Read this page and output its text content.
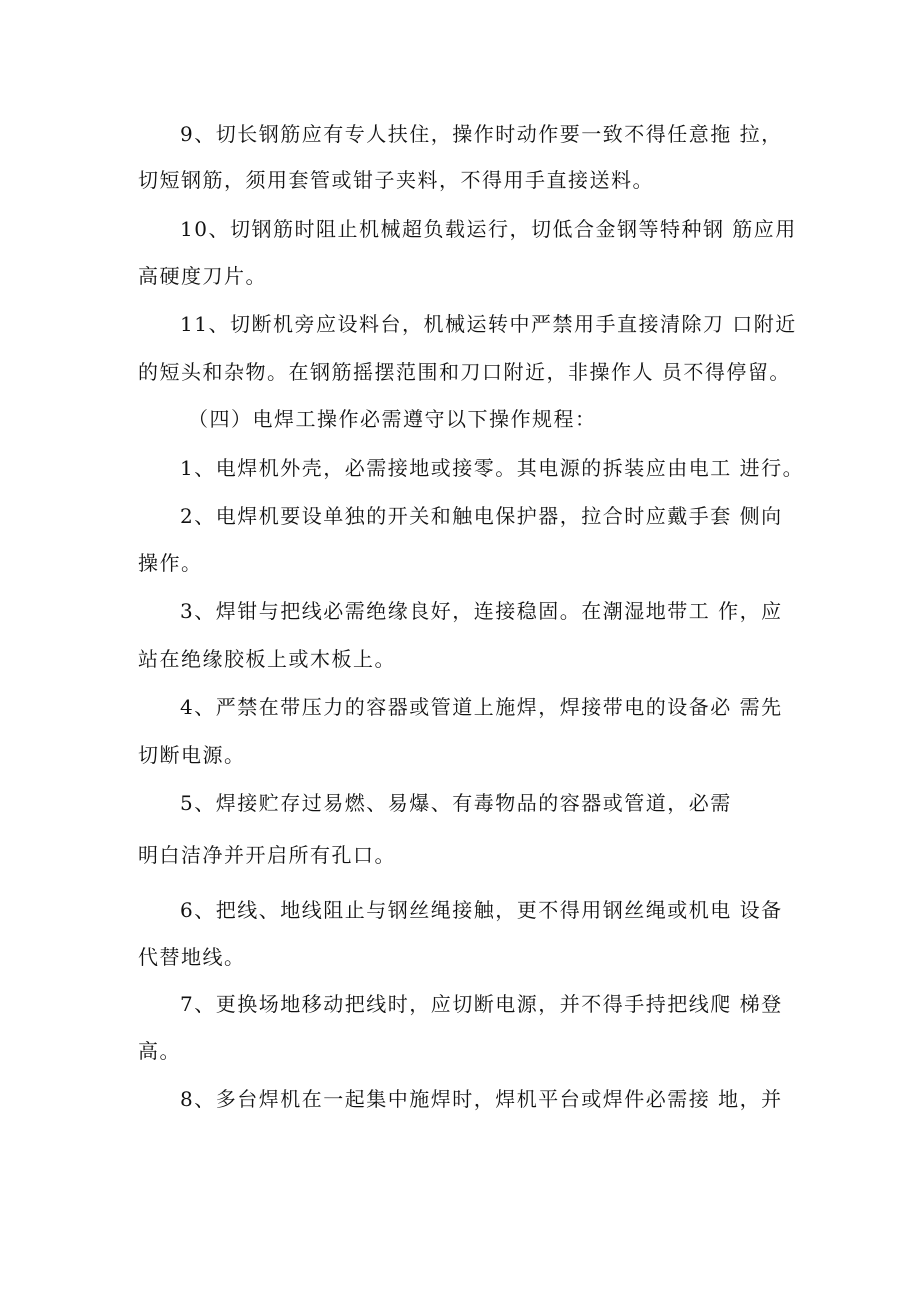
9、切长钢筋应有专人扶住，操作时动作要一致不得任意拖 拉，
切短钢筋，须用套管或钳子夹料，不得用手直接送料。
10、切钢筋时阻止机械超负载运行，切低合金钢等特种钢 筋应用
高硬度刀片。
11、切断机旁应设料台，机械运转中严禁用手直接清除刀 口附近
的短头和杂物。在钢筋摇摆范围和刀口附近，非操作人 员不得停留。
（四）电焊工操作必需遵守以下操作规程：
1、电焊机外壳，必需接地或接零。其电源的拆装应由电工 进行。
2、电焊机要设单独的开关和触电保护器，拉合时应戴手套 侧向
操作。
3、焊钳与把线必需绝缘良好，连接稳固。在潮湿地带工 作，应
站在绝缘胶板上或木板上。
4、严禁在带压力的容器或管道上施焊，焊接带电的设备必 需先
切断电源。
5、焊接贮存过易燃、易爆、有毒物品的容器或管道，必需
明白洁净并开启所有孔口。
6、把线、地线阻止与钢丝绳接触，更不得用钢丝绳或机电 设备
代替地线。
7、更换场地移动把线时，应切断电源，并不得手持把线爬 梯登
高。
8、多台焊机在一起集中施焊时，焊机平台或焊件必需接 地，并
